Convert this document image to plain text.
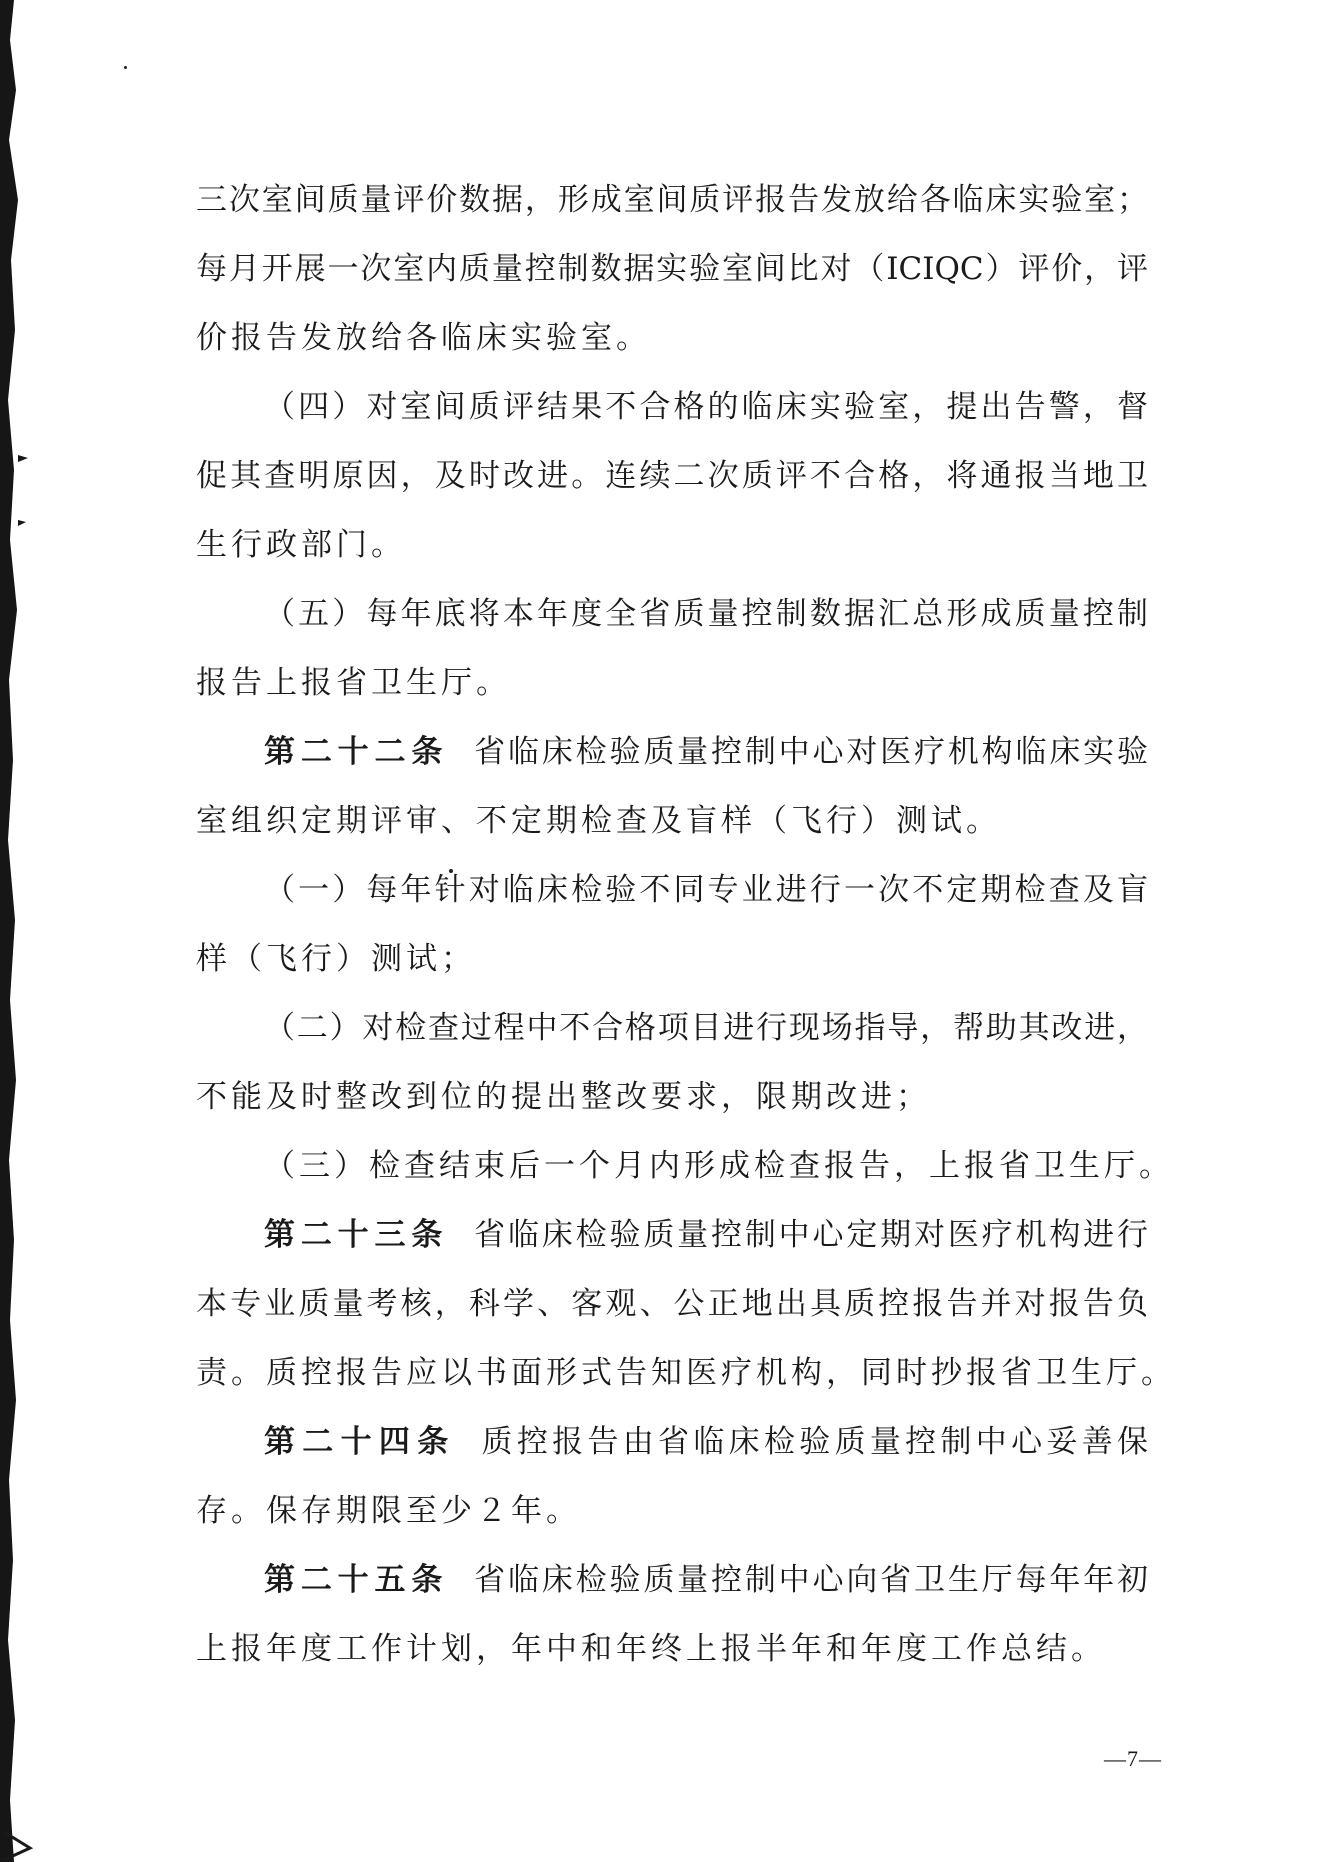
三次室间质量评价数据，形成室间质评报告发放给各临床实验室；
每月开展一次室内质量控制数据实验室间比对（ICIQC）评价，评
价报告发放给各临床实验室。
（四）对室间质评结果不合格的临床实验室，提出告警，督
促其查明原因，及时改进。连续二次质评不合格，将通报当地卫
生行政部门。
（五）每年底将本年度全省质量控制数据汇总形成质量控制
报告上报省卫生厅。
第二十二条 省临床检验质量控制中心对医疗机构临床实验
室组织定期评审、不定期检查及盲样（飞行）测试。
（一）每年针对临床检验不同专业进行一次不定期检查及盲
样（飞行）测试；
（二）对检查过程中不合格项目进行现场指导，帮助其改进，
不能及时整改到位的提出整改要求，限期改进；
（三）检查结束后一个月内形成检查报告，上报省卫生厅。
第二十三条 省临床检验质量控制中心定期对医疗机构进行
本专业质量考核，科学、客观、公正地出具质控报告并对报告负
责。质控报告应以书面形式告知医疗机构，同时抄报省卫生厅。
第二十四条 质控报告由省临床检验质量控制中心妥善保
存。保存期限至少２年。
第二十五条 省临床检验质量控制中心向省卫生厅每年年初
上报年度工作计划，年中和年终上报半年和年度工作总结。
—7—
